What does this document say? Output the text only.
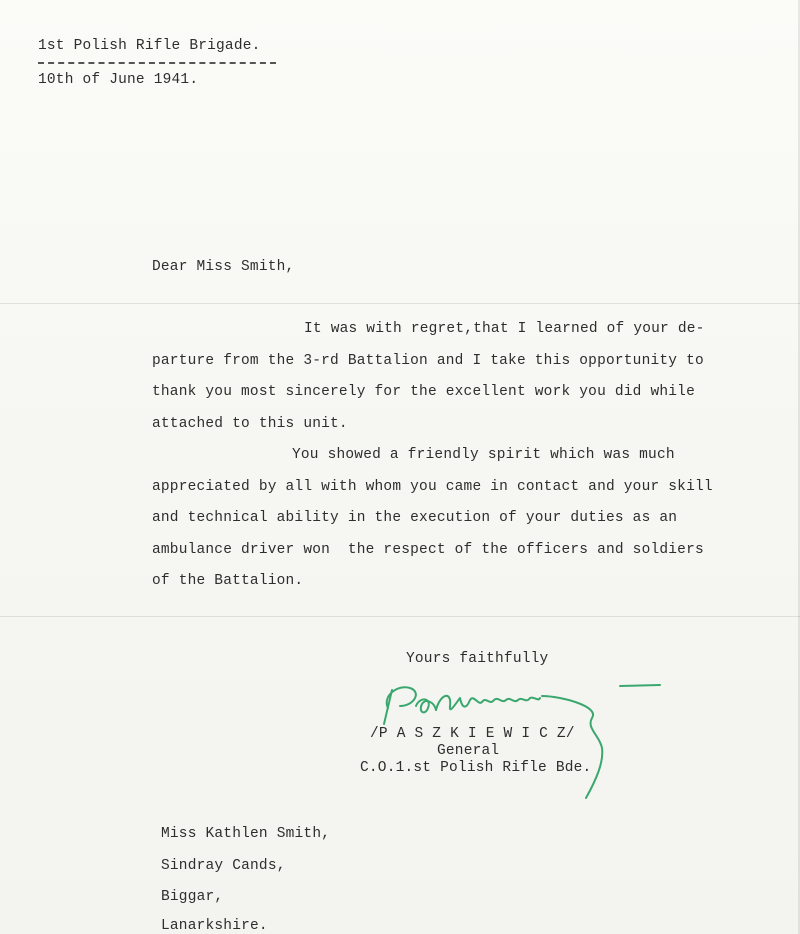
1st Polish Rifle Brigade.
10th of June 1941.
Dear Miss Smith,
It was with regret,that I learned of your de-
parture from the 3-rd Battalion and I take this opportunity to
thank you most sincerely for the excellent work you did while
attached to this unit.
You showed a friendly spirit which was much
appreciated by all with whom you came in contact and your skill
and technical ability in the execution of your duties as an
ambulance driver won  the respect of the officers and soldiers
of the Battalion.
Yours faithfully
/P A S Z K I E W I C Z/
General
C.O.1.st Polish Rifle Bde.
Miss Kathlen Smith,
Sindray Cands,
Biggar,
Lanarkshire.
